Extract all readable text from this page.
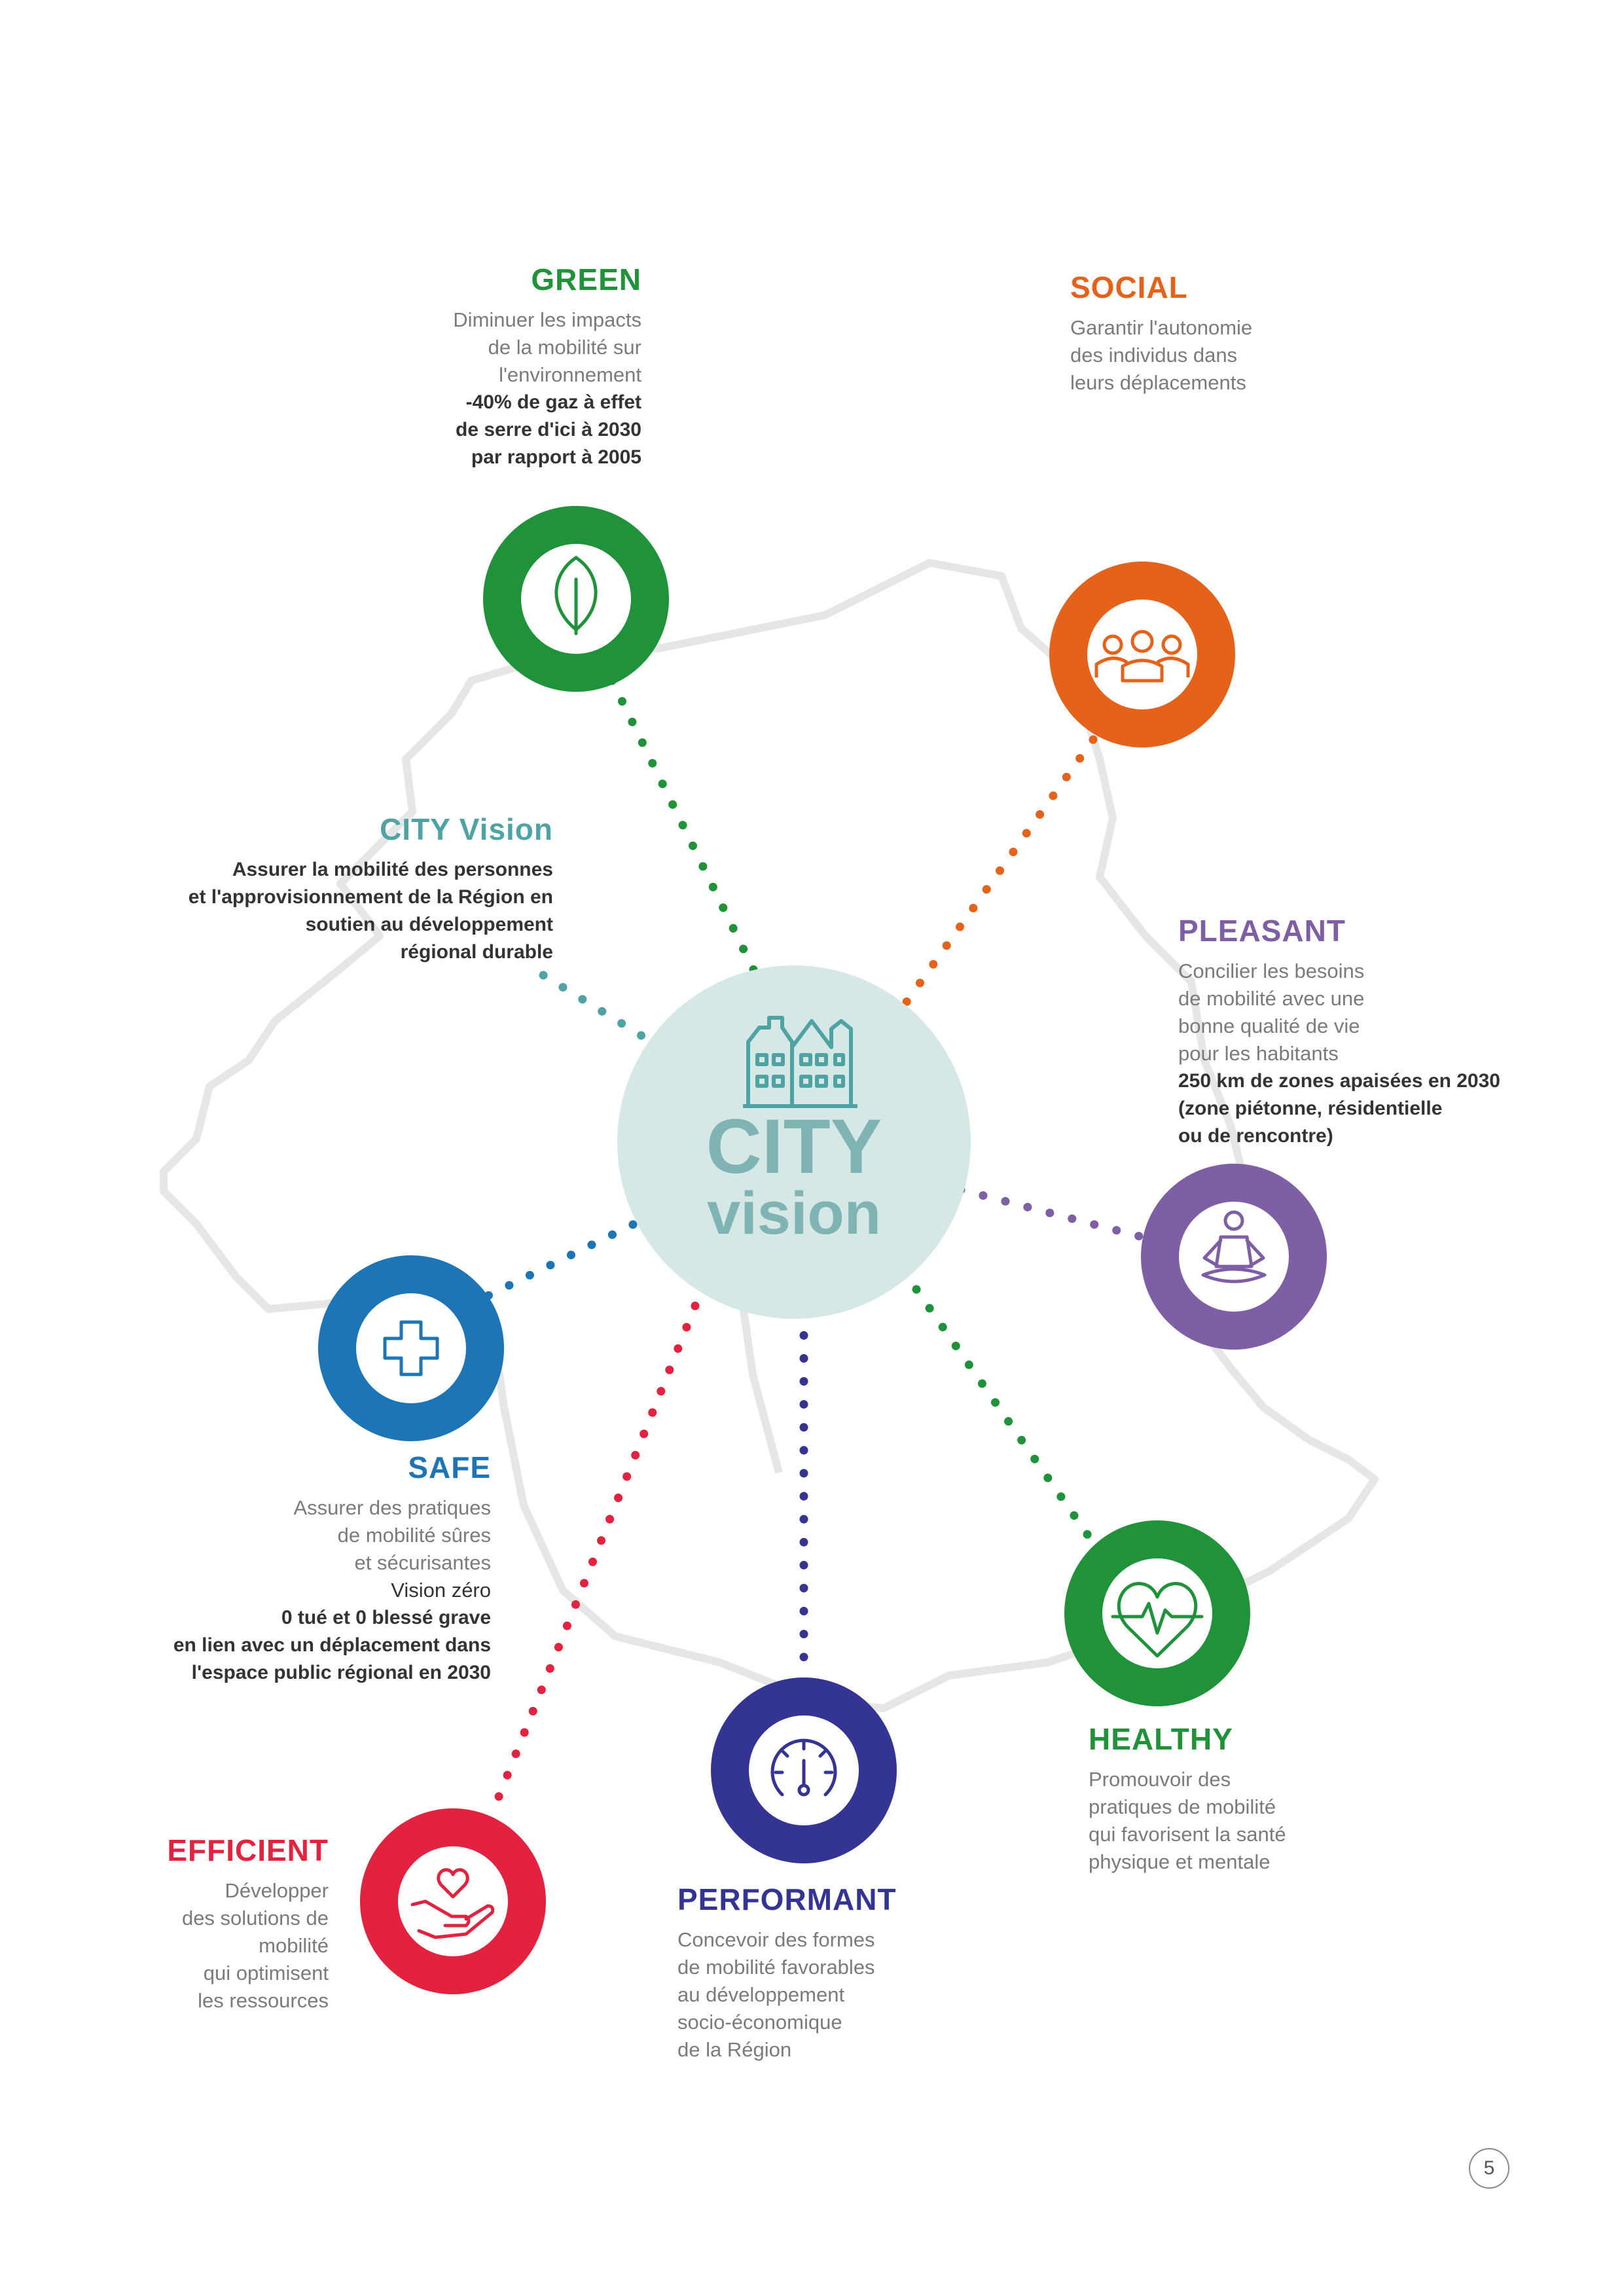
CITY
vision
GREEN
Diminuer les impacts
de la mobilité sur
l'environnement
-40% de gaz à effet
de serre d'ici à 2030
par rapport à 2005
SOCIAL
Garantir l'autonomie
des individus dans
leurs déplacements
CITY Vision
Assurer la mobilité des personnes
et l'approvisionnement de la Région en
soutien au développement
régional durable
PLEASANT
Concilier les besoins
de mobilité avec une
bonne qualité de vie
pour les habitants
250 km de zones apaisées en 2030
(zone piétonne, résidentielle
ou de rencontre)
SAFE
Assurer des pratiques
de mobilité sûres
et sécurisantes
Vision zéro
0 tué et 0 blessé grave
en lien avec un déplacement dans
l'espace public régional en 2030
HEALTHY
Promouvoir des
pratiques de mobilité
qui favorisent la santé
physique et mentale
PERFORMANT
Concevoir des formes
de mobilité favorables
au développement
socio-économique
de la Région
EFFICIENT
Développer
des solutions de
mobilité
qui optimisent
les ressources
5
